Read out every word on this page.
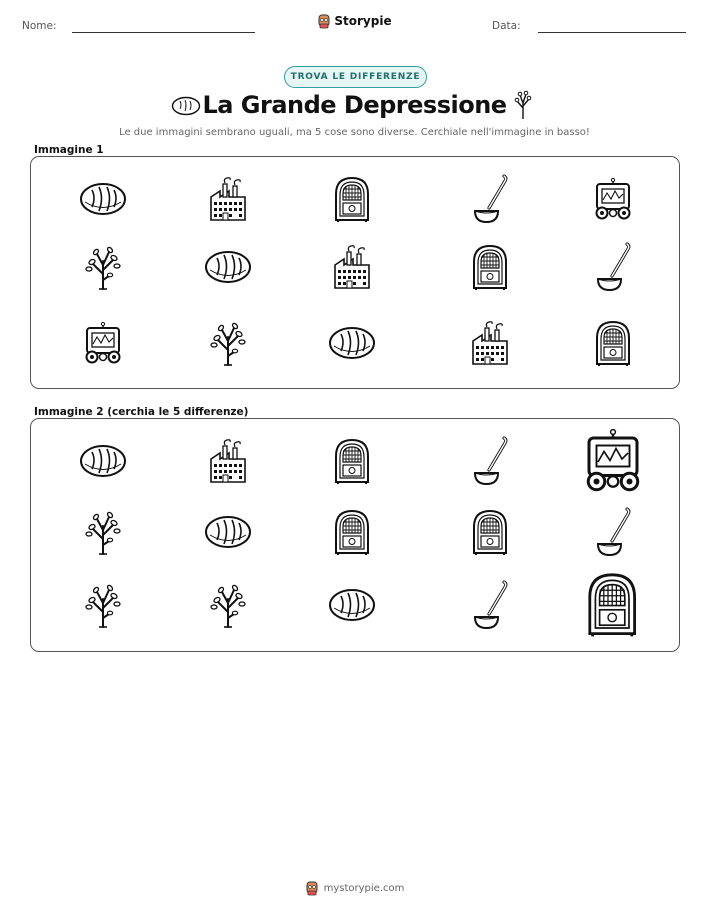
Nome:	Data:
Storypie
TROVA LE DIFFERENZE
La Grande Depressione
Le due immagini sembrano uguali, ma 5 cose sono diverse. Cerchiale nell'immagine in basso!
Immagine 1
Immagine 2 (cerchia le 5 differenze)
mystorypie.com
